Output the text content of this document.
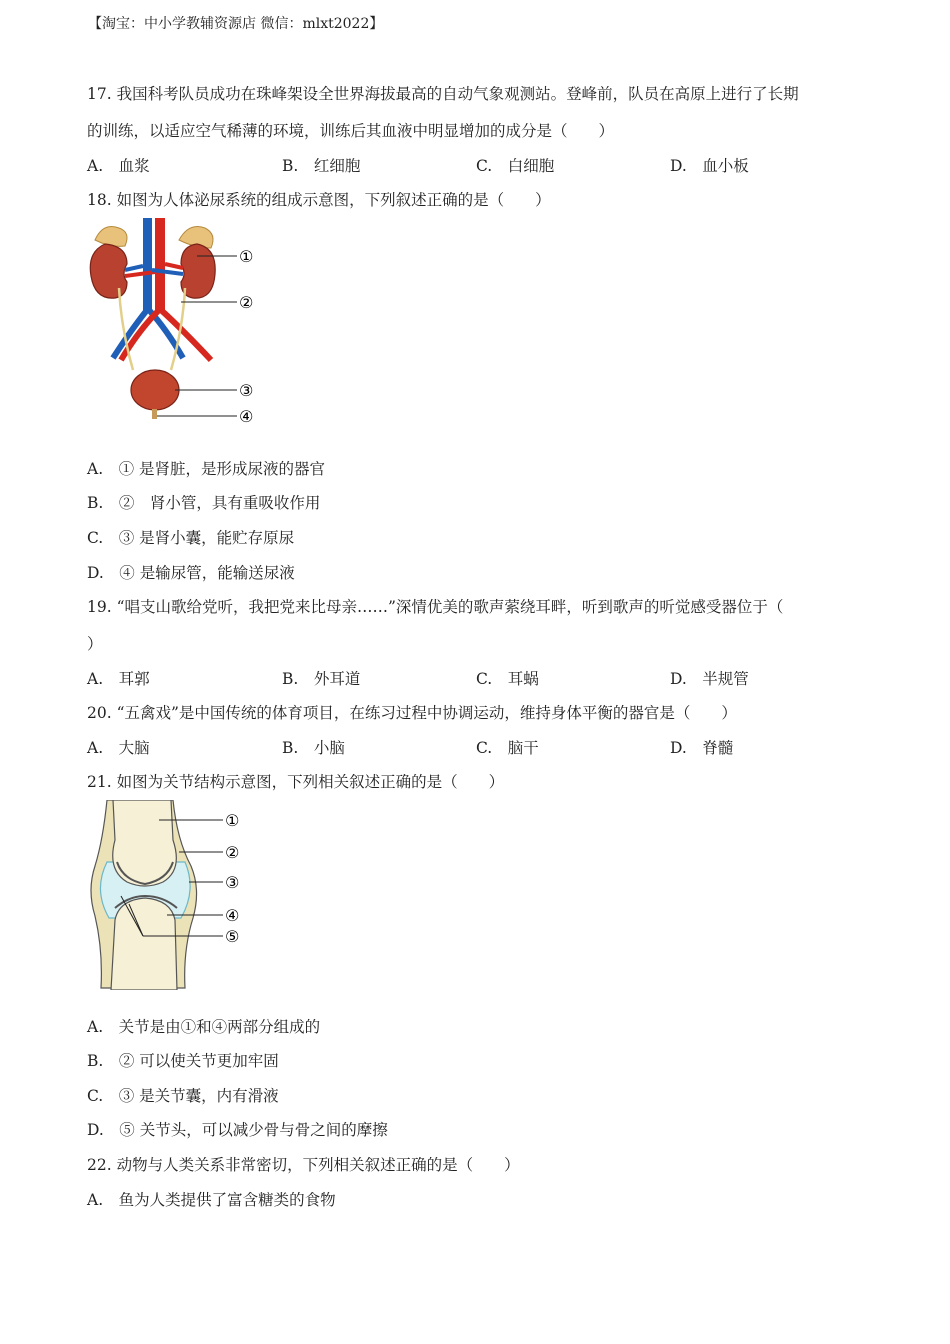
【淘宝：中小学教辅资源店 微信：mlxt2022】
17. 我国科考队员成功在珠峰架设全世界海拔最高的自动气象观测站。登峰前，队员在高原上进行了长期
的训练，以适应空气稀薄的环境，训练后其血液中明显增加的成分是（　　）
A.　血浆	B.　红细胞	C.　白细胞	D.　血小板
18. 如图为人体泌尿系统的组成示意图，下列叙述正确的是（　　）
①
②
③
④
A.　① 是肾脏，是形成尿液的器官
B.　②　肾小管，具有重吸收作用
C.　③ 是肾小囊，能贮存原尿
D.　④ 是输尿管，能输送尿液
19. “唱支山歌给党听，我把党来比母亲……”深情优美的歌声萦绕耳畔，听到歌声的听觉感受器位于（
）
A.　耳郭	B.　外耳道	C.　耳蜗	D.　半规管
20. “五禽戏”是中国传统的体育项目，在练习过程中协调运动，维持身体平衡的器官是（　　）
A.　大脑	B.　小脑	C.　脑干	D.　脊髓
21. 如图为关节结构示意图，下列相关叙述正确的是（　　）
①
②
③
④
⑤
A.　关节是由①和④两部分组成的
B.　② 可以使关节更加牢固
C.　③ 是关节囊，内有滑液
D.　⑤ 关节头，可以减少骨与骨之间的摩擦
22. 动物与人类关系非常密切，下列相关叙述正确的是（　　）
A.　鱼为人类提供了富含糖类的食物
